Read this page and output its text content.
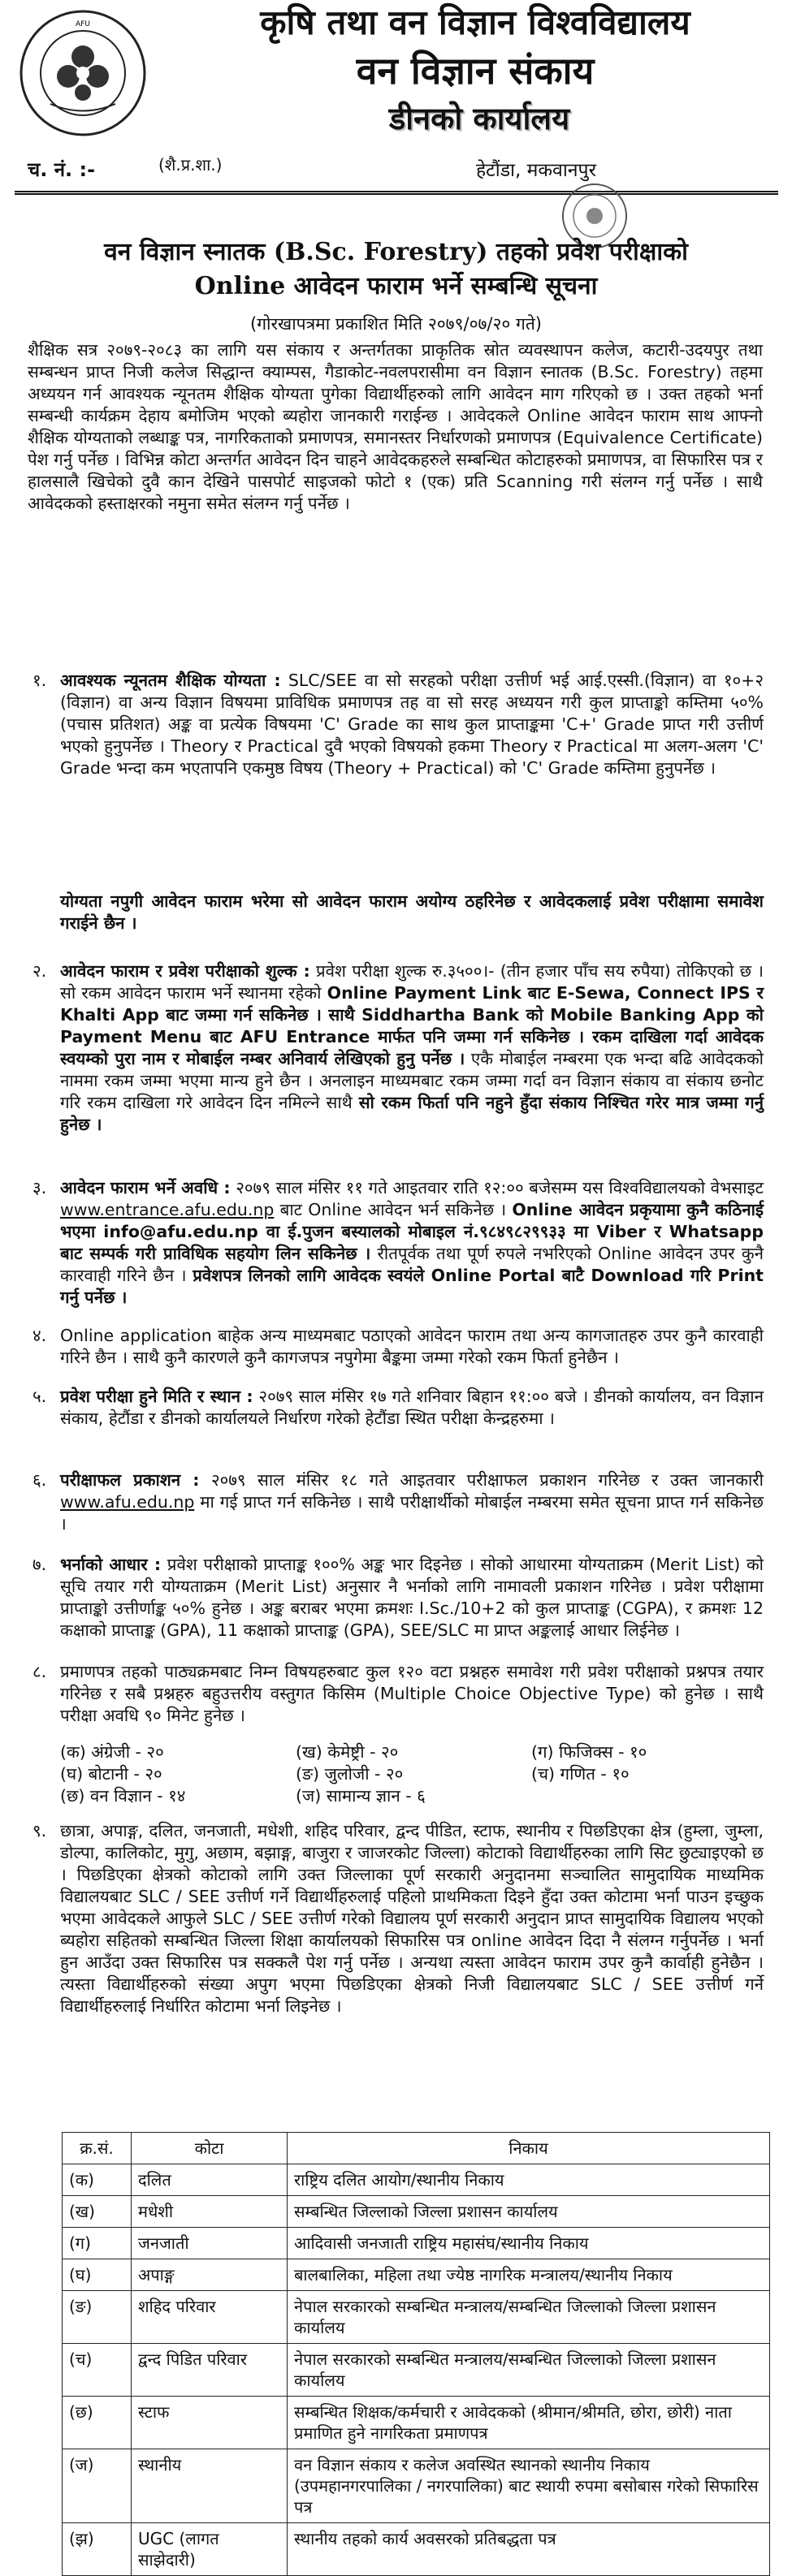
AFU	कृषि तथा वन विज्ञान विश्वविद्यालय
वन विज्ञान संकाय
डीनको कार्यालय
च. नं. :-	(शै.प्र.शा.)	हेटौंडा, मकवानपुर
वन विज्ञान स्नातक (B.Sc. Forestry) तहको प्रवेश परीक्षाको
Online आवेदन फाराम भर्ने सम्बन्धि सूचना
(गोरखापत्रमा प्रकाशित मिति २०७९/०७/२० गते)
शैक्षिक सत्र २०७९-२०८३ का लागि यस संकाय र अन्तर्गतका प्राकृतिक स्रोत व्यवस्थापन कलेज, कटारी-उदयपुर तथा सम्बन्धन प्राप्त निजी कलेज सिद्धान्त क्याम्पस, गैडाकोट-नवलपरासीमा वन विज्ञान स्नातक (B.Sc. Forestry) तहमा अध्ययन गर्न आवश्यक न्यूनतम शैक्षिक योग्यता पुगेका विद्यार्थीहरुको लागि आवेदन माग गरिएको छ । उक्त तहको भर्ना सम्बन्धी कार्यक्रम देहाय बमोजिम भएको ब्यहोरा जानकारी गराईन्छ । आवेदकले Online आवेदन फाराम साथ आफ्नो शैक्षिक योग्यताको लब्धाङ्क पत्र, नागरिकताको प्रमाणपत्र, समानस्तर निर्धारणको प्रमाणपत्र (Equivalence Certificate) पेश गर्नु पर्नेछ । विभिन्न कोटा अन्तर्गत आवेदन दिन चाहने आवेदकहरुले सम्बन्धित कोटाहरुको प्रमाणपत्र, वा सिफारिस पत्र र हालसालै खिचेको दुवै कान देखिने पासपोर्ट साइजको फोटो १ (एक) प्रति Scanning गरी संलग्न गर्नु पर्नेछ । साथै आवेदकको हस्ताक्षरको नमुना समेत संलग्न गर्नु पर्नेछ ।
१. आवश्यक न्यूनतम शैक्षिक योग्यता : SLC/SEE वा सो सरहको परीक्षा उत्तीर्ण भई आई.एस्सी.(विज्ञान) वा १०+२ (विज्ञान) वा अन्य विज्ञान विषयमा प्राविधिक प्रमाणपत्र तह वा सो सरह अध्ययन गरी कुल प्राप्ताङ्को कम्तिमा ५०% (पचास प्रतिशत) अङ्क वा प्रत्येक विषयमा 'C' Grade का साथ कुल प्राप्ताङ्कमा 'C+' Grade प्राप्त गरी उत्तीर्ण भएको हुनुपर्नेछ । Theory र Practical दुवै भएको विषयको हकमा Theory र Practical मा अलग-अलग 'C' Grade भन्दा कम भएतापनि एकमुष्ठ विषय (Theory + Practical) को 'C' Grade कम्तिमा हुनुपर्नेछ ।
योग्यता नपुगी आवेदन फाराम भरेमा सो आवेदन फाराम अयोग्य ठहरिनेछ र आवेदकलाई प्रवेश परीक्षामा समावेश गराईने छैन ।
२. आवेदन फाराम र प्रवेश परीक्षाको शुल्क : प्रवेश परीक्षा शुल्क रु.३५००।- (तीन हजार पाँच सय रुपैया) तोकिएको छ । सो रकम आवेदन फाराम भर्ने स्थानमा रहेको Online Payment Link बाट E-Sewa, Connect IPS र Khalti App बाट जम्मा गर्न सकिनेछ । साथै Siddhartha Bank को Mobile Banking App को Payment Menu बाट AFU Entrance मार्फत पनि जम्मा गर्न सकिनेछ । रकम दाखिला गर्दा आवेदक स्वयम्को पुरा नाम र मोबाईल नम्बर अनिवार्य लेखिएको हुनु पर्नेछ । एकै मोबाईल नम्बरमा एक भन्दा बढि आवेदकको नाममा रकम जम्मा भएमा मान्य हुने छैन । अनलाइन माध्यमबाट रकम जम्मा गर्दा वन विज्ञान संकाय वा संकाय छनोट गरि रकम दाखिला गरे आवेदन दिन नमिल्ने साथै सो रकम फिर्ता पनि नहुने हुँदा संकाय निश्चित गरेर मात्र जम्मा गर्नु हुनेछ ।
३. आवेदन फाराम भर्ने अवधि : २०७९ साल मंसिर ११ गते आइतवार राति १२:०० बजेसम्म यस विश्वविद्यालयको वेभसाइट www.entrance.afu.edu.np बाट Online आवेदन भर्न सकिनेछ । Online आवेदन प्रकृयामा कुनै कठिनाई भएमा info@afu.edu.np वा ई.पुजन बस्यालको मोबाइल नं.९८४९८२९९३३ मा Viber र Whatsapp बाट सम्पर्क गरी प्राविधिक सहयोग लिन सकिनेछ । रीतपूर्वक तथा पूर्ण रुपले नभरिएको Online आवेदन उपर कुनै कारवाही गरिने छैन । प्रवेशपत्र लिनको लागि आवेदक स्वयंले Online Portal बाटै Download गरि Print गर्नु पर्नेछ ।
४. Online application बाहेक अन्य माध्यमबाट पठाएको आवेदन फाराम तथा अन्य कागजातहरु उपर कुनै कारवाही गरिने छैन । साथै कुनै कारणले कुनै कागजपत्र नपुगेमा बैङ्कमा जम्मा गरेको रकम फिर्ता हुनेछैन ।
५. प्रवेश परीक्षा हुने मिति र स्थान : २०७९ साल मंसिर १७ गते शनिवार बिहान ११:०० बजे । डीनको कार्यालय, वन विज्ञान संकाय, हेटौंडा र डीनको कार्यालयले निर्धारण गरेको हेटौंडा स्थित परीक्षा केन्द्रहरुमा ।
६. परीक्षाफल प्रकाशन : २०७९ साल मंसिर १८ गते आइतवार परीक्षाफल प्रकाशन गरिनेछ र उक्त जानकारी www.afu.edu.np मा गई प्राप्त गर्न सकिनेछ । साथै परीक्षार्थीको मोबाईल नम्बरमा समेत सूचना प्राप्त गर्न सकिनेछ ।
७. भर्नाको आधार : प्रवेश परीक्षाको प्राप्ताङ्क १००% अङ्क भार दिइनेछ । सोको आधारमा योग्यताक्रम (Merit List) को सूचि तयार गरी योग्यताक्रम (Merit List) अनुसार नै भर्नाको लागि नामावली प्रकाशन गरिनेछ । प्रवेश परीक्षामा प्राप्ताङ्को उत्तीर्णाङ्क ५०% हुनेछ । अङ्क बराबर भएमा क्रमशः I.Sc./10+2 को कुल प्राप्ताङ्क (CGPA), र क्रमशः 12 कक्षाको प्राप्ताङ्क (GPA), 11 कक्षाको प्राप्ताङ्क (GPA), SEE/SLC मा प्राप्त अङ्कलाई आधार लिईनेछ ।
८. प्रमाणपत्र तहको पाठ्यक्रमबाट निम्न विषयहरुबाट कुल १२० वटा प्रश्नहरु समावेश गरी प्रवेश परीक्षाको प्रश्नपत्र तयार गरिनेछ र सबै प्रश्नहरु बहुउत्तरीय वस्तुगत किसिम (Multiple Choice Objective Type) को हुनेछ । साथै परीक्षा अवधि ९० मिनेट हुनेछ ।
(क) अंग्रेजी - २०	(ख) केमेष्ट्री - २०	(ग) फिजिक्स - १०
(घ) बोटानी - २०	(ङ) जुलोजी - २०	(च) गणित - १०
(छ) वन विज्ञान - १४	(ज) सामान्य ज्ञान - ६
९. छात्रा, अपाङ्ग, दलित, जनजाती, मधेशी, शहिद परिवार, द्वन्द पीडित, स्टाफ, स्थानीय र पिछडिएका क्षेत्र (हुम्ला, जुम्ला, डोल्पा, कालिकोट, मुगु, अछाम, बझाङ्ग, बाजुरा र जाजरकोट जिल्ला) कोटाको विद्यार्थीहरुका लागि सिट छुट्याइएको छ । पिछडिएका क्षेत्रको कोटाको लागि उक्त जिल्लाका पूर्ण सरकारी अनुदानमा सञ्चालित सामुदायिक माध्यमिक विद्यालयबाट SLC / SEE उत्तीर्ण गर्ने विद्यार्थीहरुलाई पहिलो प्राथमिकता दिइने हुँदा उक्त कोटामा भर्ना पाउन इच्छुक भएमा आवेदकले आफुले SLC / SEE उत्तीर्ण गरेको विद्यालय पूर्ण सरकारी अनुदान प्राप्त सामुदायिक विद्यालय भएको ब्यहोरा सहितको सम्बन्धित जिल्ला शिक्षा कार्यालयको सिफारिस पत्र online आवेदन दिदा नै संलग्न गर्नुपर्नेछ । भर्ना हुन आउँदा उक्त सिफारिस पत्र सक्कलै पेश गर्नु पर्नेछ । अन्यथा त्यस्ता आवेदन फाराम उपर कुनै कार्वाही हुनेछैन । त्यस्ता विद्यार्थीहरुको संख्या अपुग भएमा पिछडिएका क्षेत्रको निजी विद्यालयबाट SLC / SEE उत्तीर्ण गर्ने विद्यार्थीहरुलाई निर्धारित कोटामा भर्ना लिइनेछ ।
क्र.सं.	कोटा	निकाय
(क)	दलित	राष्ट्रिय दलित आयोग/स्थानीय निकाय
(ख)	मधेशी	सम्बन्धित जिल्लाको जिल्ला प्रशासन कार्यालय
(ग)	जनजाती	आदिवासी जनजाती राष्ट्रिय महासंघ/स्थानीय निकाय
(घ)	अपाङ्ग	बालबालिका, महिला तथा ज्येष्ठ नागरिक मन्त्रालय/स्थानीय निकाय
(ङ)	शहिद परिवार	नेपाल सरकारको सम्बन्धित मन्त्रालय/सम्बन्धित जिल्लाको जिल्ला प्रशासन कार्यालय
(च)	द्वन्द पिडित परिवार	नेपाल सरकारको सम्बन्धित मन्त्रालय/सम्बन्धित जिल्लाको जिल्ला प्रशासन कार्यालय
(छ)	स्टाफ	सम्बन्धित शिक्षक/कर्मचारी र आवेदकको (श्रीमान/श्रीमति, छोरा, छोरी) नाता प्रमाणित हुने नागरिकता प्रमाणपत्र
(ज)	स्थानीय	वन विज्ञान संकाय र कलेज अवस्थित स्थानको स्थानीय निकाय (उपमहानगरपालिका / नगरपालिका) बाट स्थायी रुपमा बसोबास गरेको सिफारिस पत्र
(झ)	UGC (लागत साझेदारी)	स्थानीय तहको कार्य अवसरको प्रतिबद्धता पत्र
